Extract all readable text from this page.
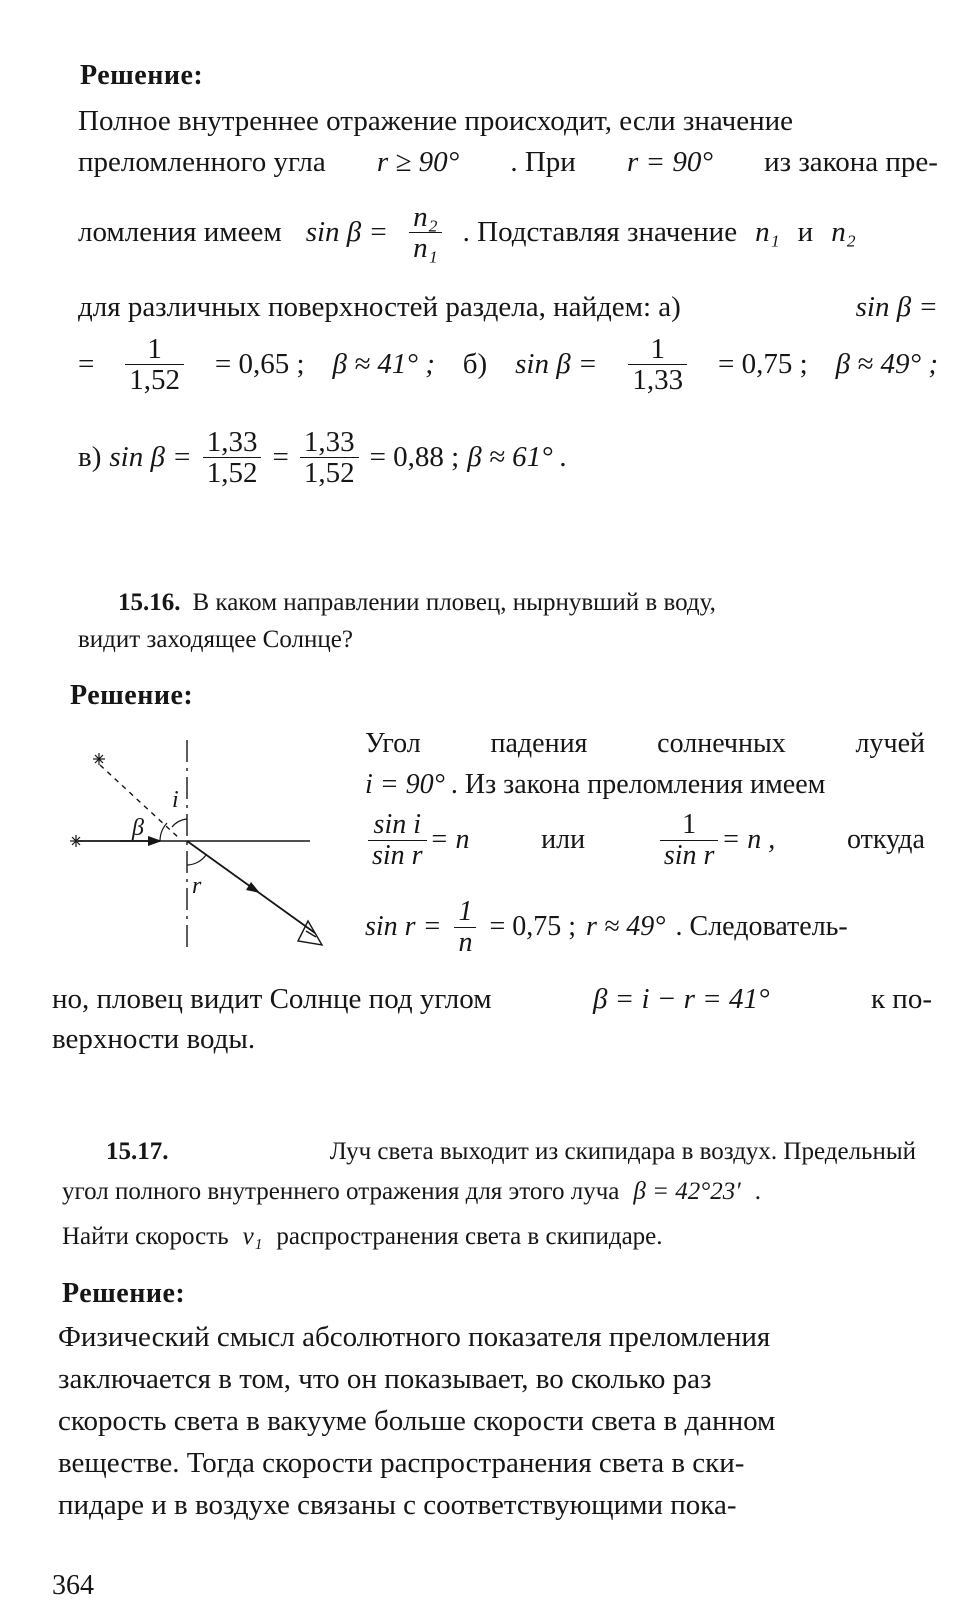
Решение:
Полное внутреннее отражение происходит, если значение
преломленного угла r ≥ 90° . При r = 90° из закона пре-
ломления имеем $\sin \beta = \frac{\text{n₂}}{\text{n₁}}$ . Подставляя значение n₁ и n₂
для различных поверхностей раздела, найдем: а)	sin β =
= $\frac{1}{1,52} = 0,65$ ; β ≈ 41° ; б) $\sin \beta = \frac{1}{1,33} = 0,75$ ; β ≈ 49° ;
в) $\sin \beta = \frac{1,33}{1,52} = \frac{1,33}{1,52} = 0,88$ ; β ≈ 61° .
15.16. В каком направлении пловец, нырнувший в воду,
видит заходящее Солнце?
Решение:
i
β
r
Угол падения солнечных лучей
i = 90° . Из закона преломления имеем
$\frac{\text{sin i}}{\text{sin r}} = n$	или	$\frac{1}{\text{sin r}} = n$ ,	откуда
$\sin r = \frac{1}{n} = 0,75$ ; r ≈ 49° . Следователь-
но, пловец видит Солнце под углом	β = i − r = 41°	к по-
верхности воды.
15.17.	Луч света выходит из скипидара в воздух. Предельный
угол полного внутреннего отражения для этого луча β = 42°23′ .
Найти скорость v₁ распространения света в скипидаре.
Решение:
Физический смысл абсолютного показателя преломления
заключается в том, что он показывает, во сколько раз
скорость света в вакууме больше скорости света в данном
веществе. Тогда скорости распространения света в ски-
пидаре и в воздухе связаны с соответствующими пока-
364
